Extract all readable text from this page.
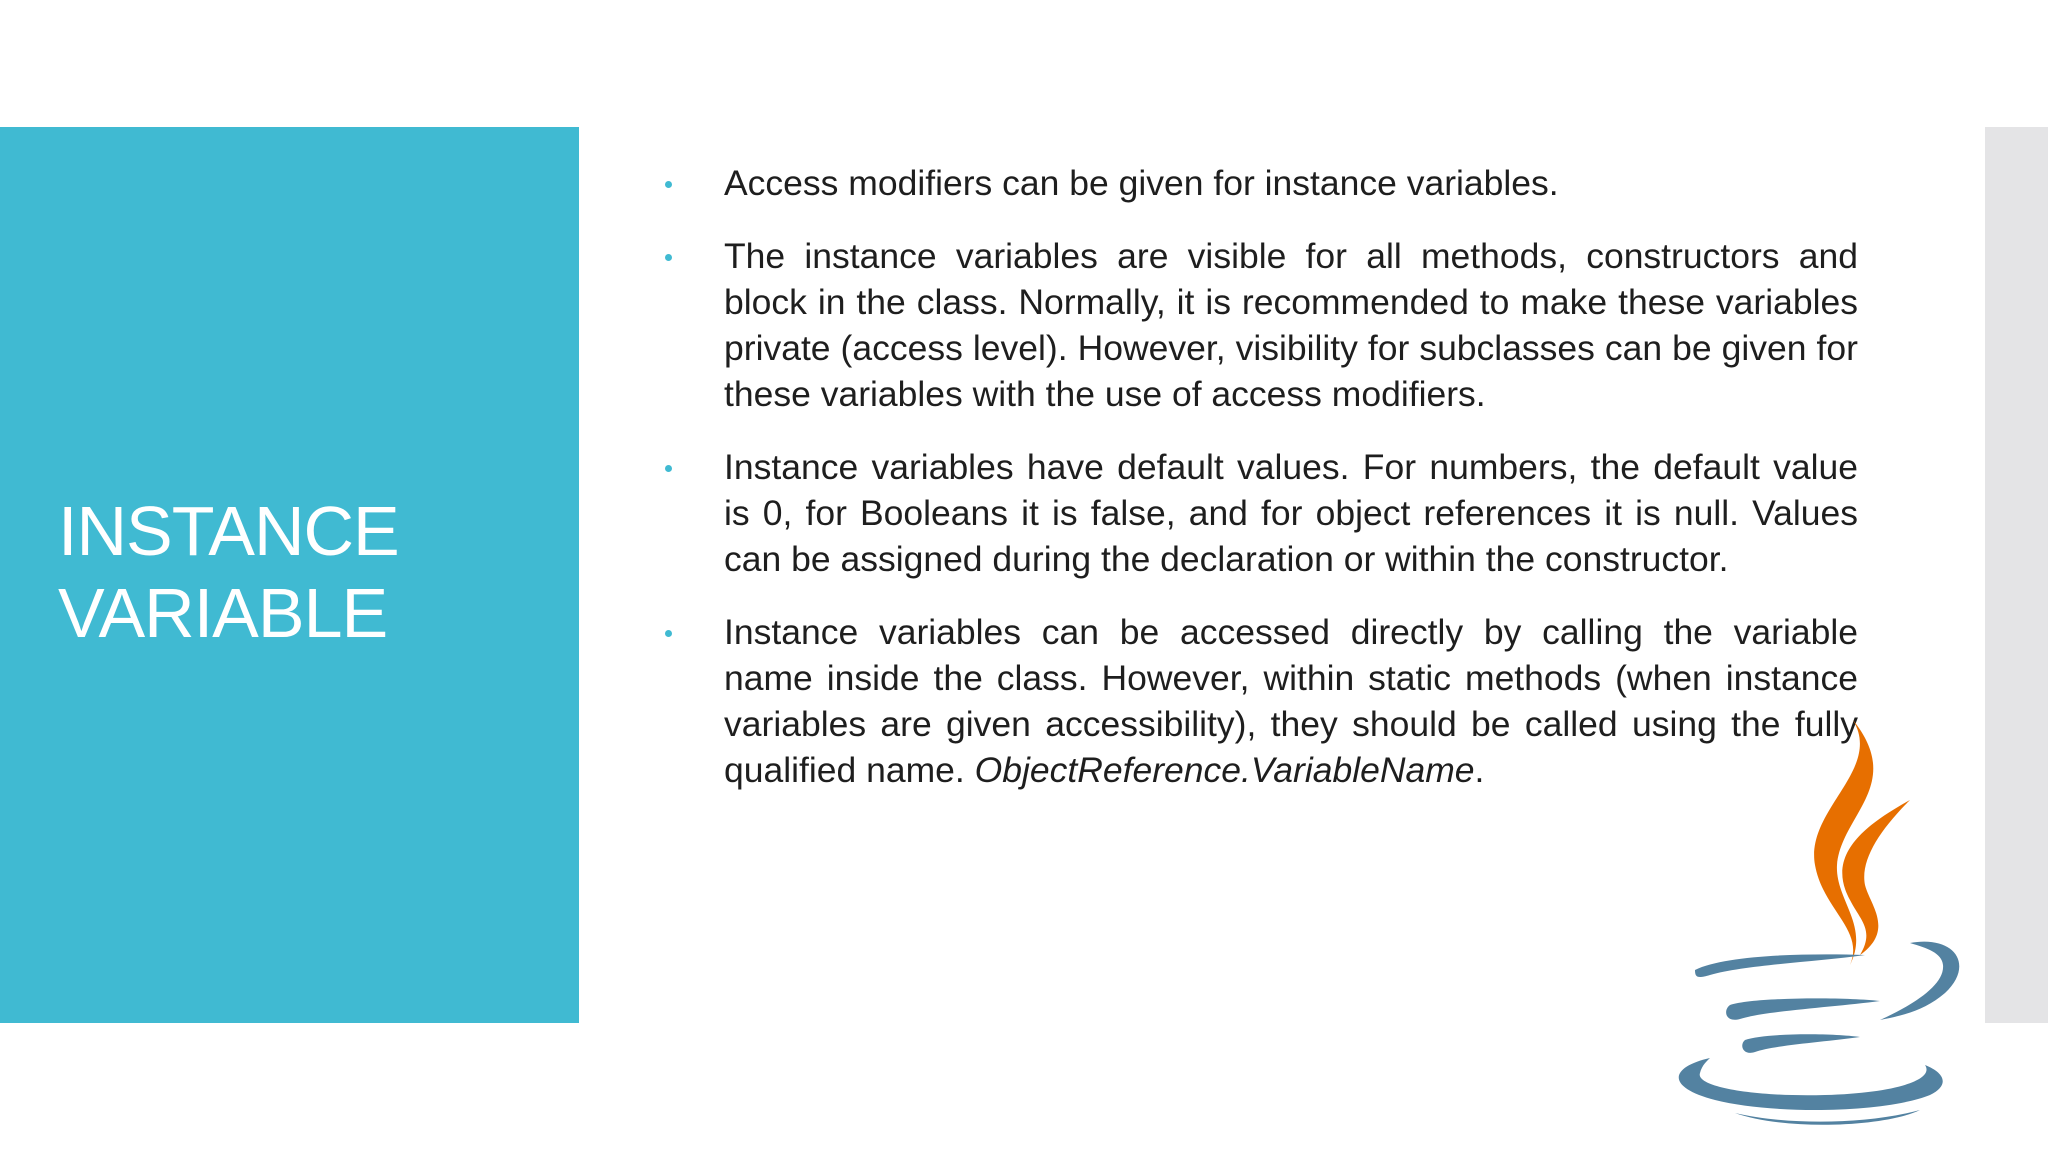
INSTANCE
VARIABLE
Access modifiers can be given for instance variables.
The instance variables are visible for all methods, constructors and block in the class. Normally, it is recommended to make these variables private (access level). However, visibility for subclasses can be given for these variables with the use of access modifiers.
Instance variables have default values. For numbers, the default value is 0, for Booleans it is false, and for object references it is null. Values can be assigned during the declaration or within the constructor.
Instance variables can be accessed directly by calling the variable name inside the class. However, within static methods (when instance variables are given accessibility), they should be called using the fully qualified name. ObjectReference.VariableName.
